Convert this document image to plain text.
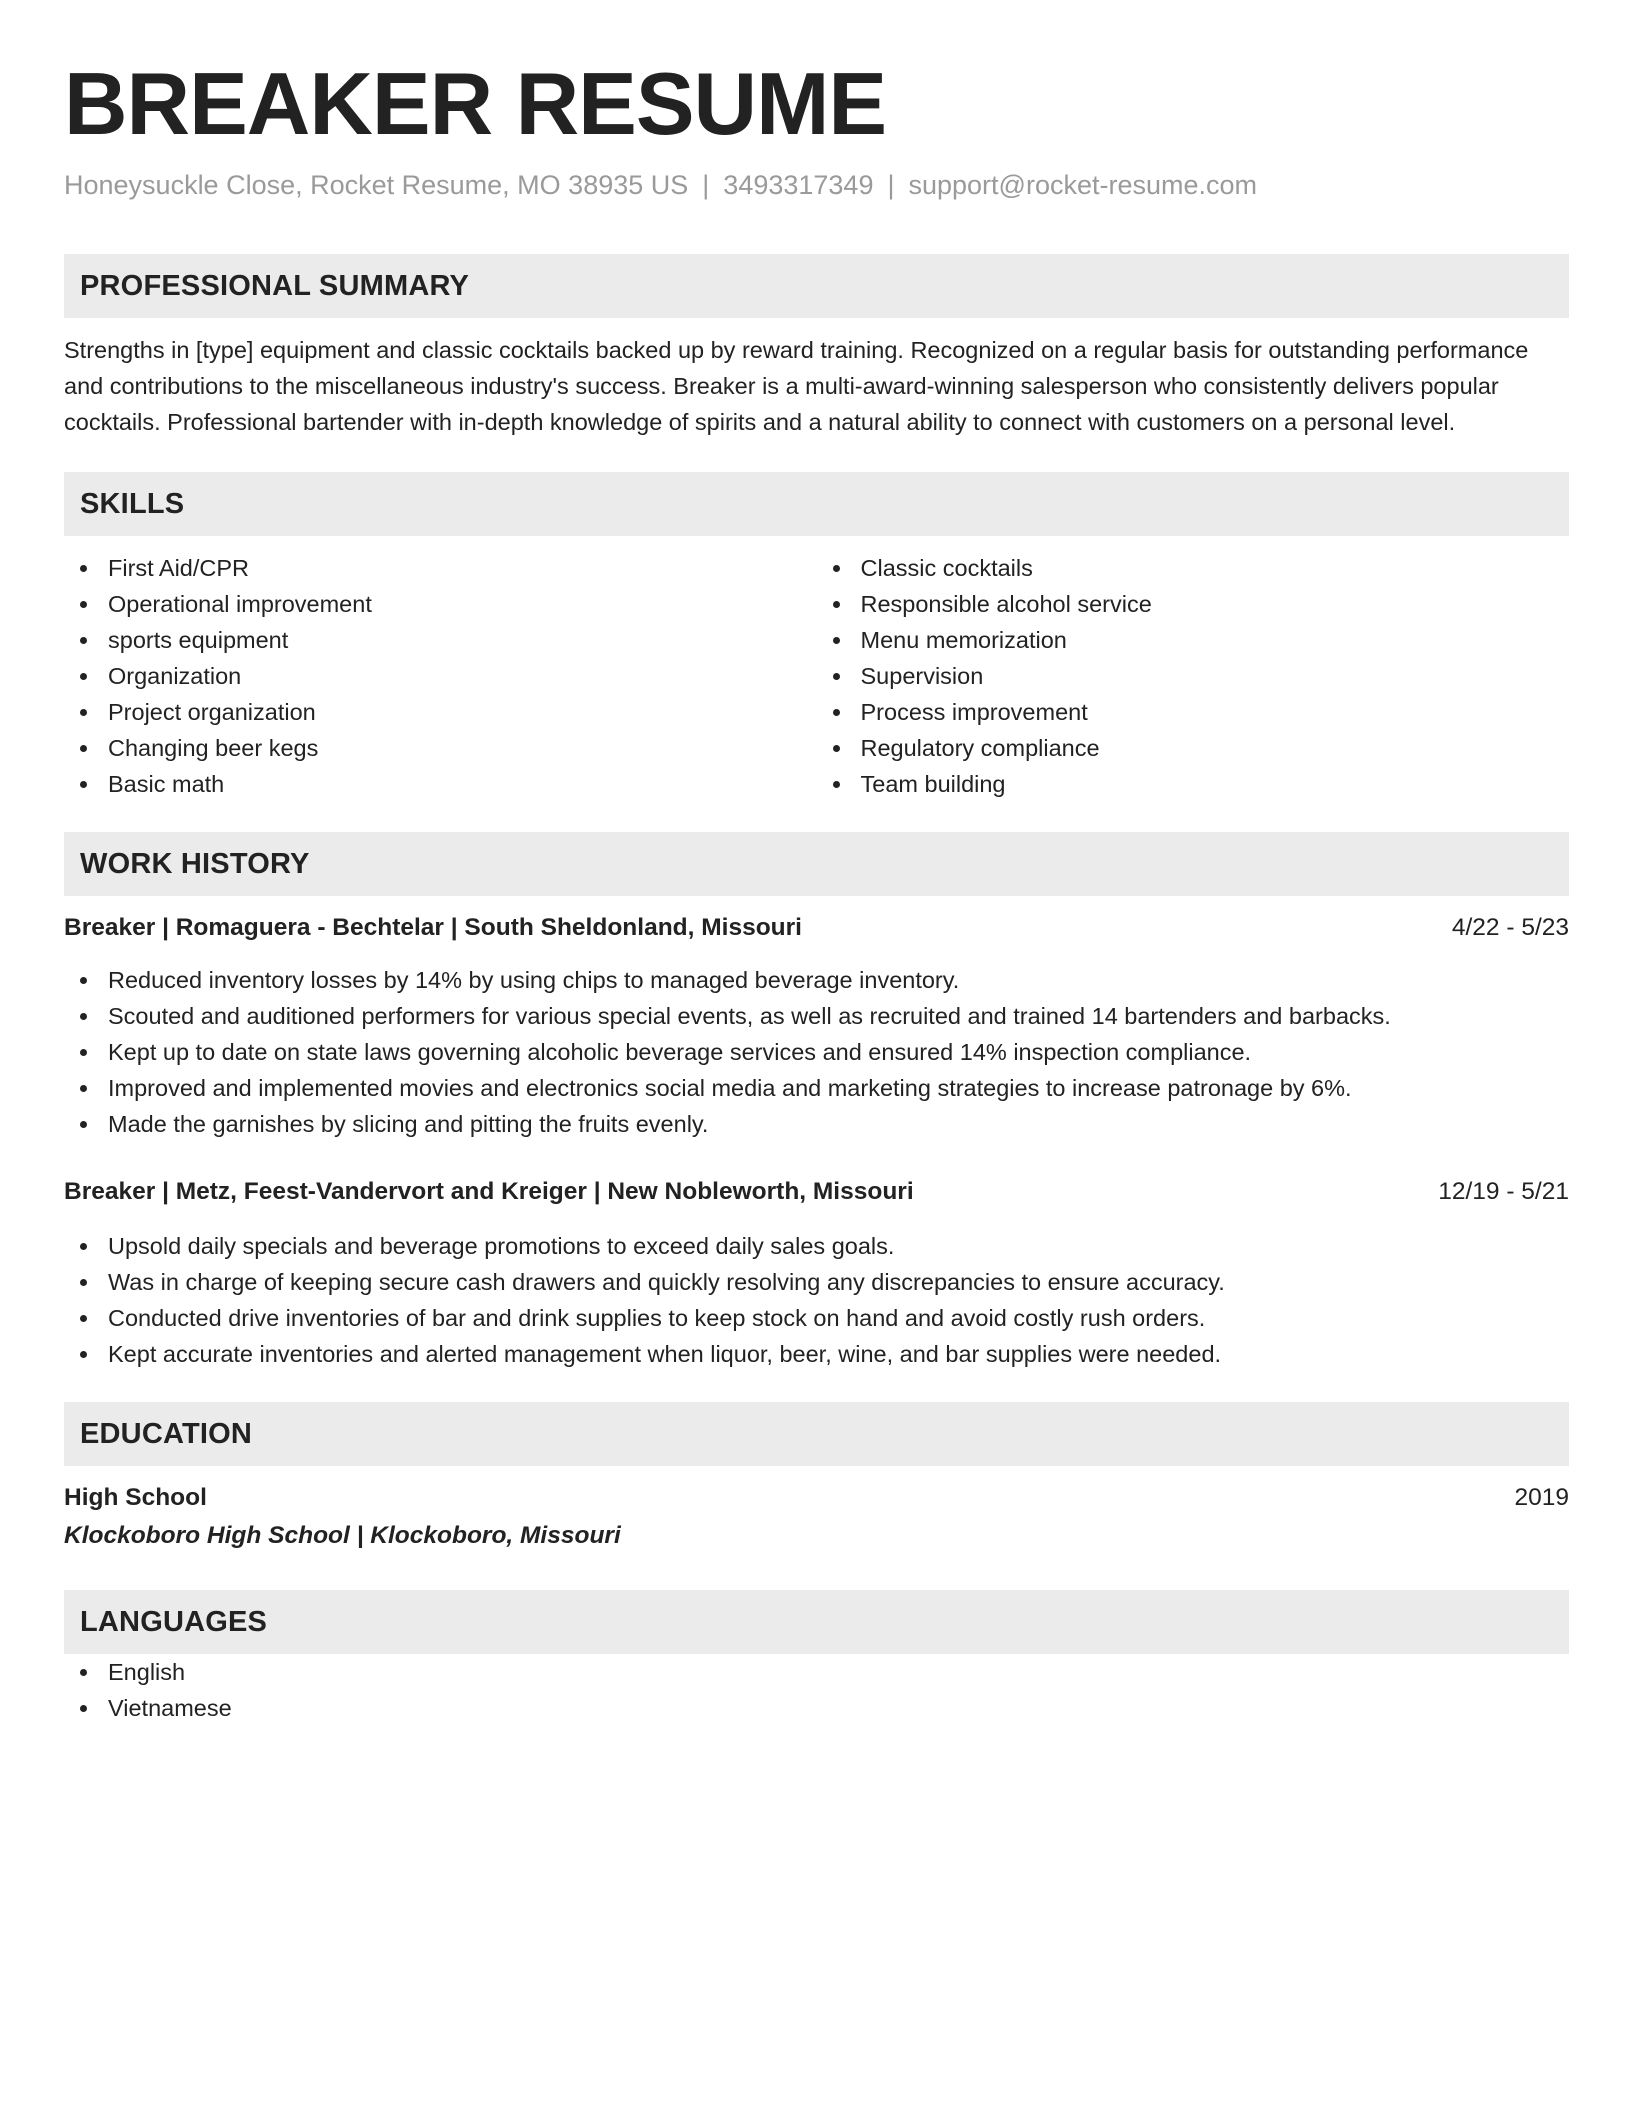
BREAKER RESUME
Honeysuckle Close, Rocket Resume, MO 38935 US | 3493317349 | support@rocket-resume.com
PROFESSIONAL SUMMARY

Strengths in [type] equipment and classic cocktails backed up by reward training. Recognized on a regular basis for outstanding performance and contributions to the miscellaneous industry's success. Breaker is a multi-award-winning salesperson who consistently delivers popular cocktails. Professional bartender with in-depth knowledge of spirits and a natural ability to connect with customers on a personal level.

SKILLS
First Aid/CPR
Operational improvement
sports equipment
Organization
Project organization
Changing beer kegs
Basic math
Classic cocktails
Responsible alcohol service
Menu memorization
Supervision
Process improvement
Regulatory compliance
Team building
WORK HISTORY
Breaker | Romaguera - Bechtelar | South Sheldonland, Missouri	4/22 - 5/23
Reduced inventory losses by 14% by using chips to managed beverage inventory.
Scouted and auditioned performers for various special events, as well as recruited and trained 14 bartenders and barbacks.
Kept up to date on state laws governing alcoholic beverage services and ensured 14% inspection compliance.
Improved and implemented movies and electronics social media and marketing strategies to increase patronage by 6%.
Made the garnishes by slicing and pitting the fruits evenly.
Breaker | Metz, Feest-Vandervort and Kreiger | New Nobleworth, Missouri	12/19 - 5/21
Upsold daily specials and beverage promotions to exceed daily sales goals.
Was in charge of keeping secure cash drawers and quickly resolving any discrepancies to ensure accuracy.
Conducted drive inventories of bar and drink supplies to keep stock on hand and avoid costly rush orders.
Kept accurate inventories and alerted management when liquor, beer, wine, and bar supplies were needed.
EDUCATION
High School	2019
Klockoboro High School | Klockoboro, Missouri
LANGUAGES
English
Vietnamese
